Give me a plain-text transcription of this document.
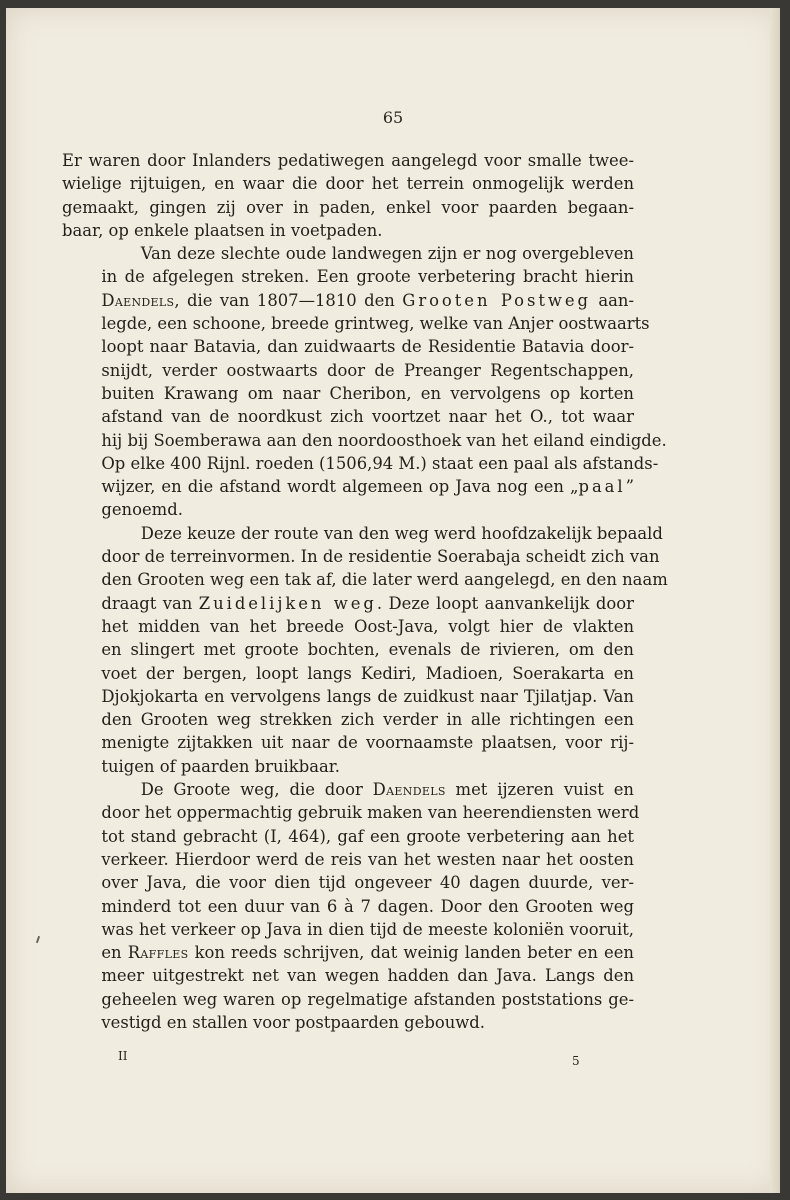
65

Er waren door Inlanders pedatiwegen aangelegd voor smalle twee-
wielige rijtuigen, en waar die door het terrein onmogelijk werden
gemaakt, gingen zij over in paden, enkel voor paarden begaan-
baar, op enkele plaatsen in voetpaden.

Van deze slechte oude landwegen zijn er nog overgebleven
in de afgelegen streken. Een groote verbetering bracht hierin
Daendels, die van 1807—1810 den Grooten Postweg aan-
legde, een schoone, breede grintweg, welke van Anjer oostwaarts
loopt naar Batavia, dan zuidwaarts de Residentie Batavia door-
snijdt, verder oostwaarts door de Preanger Regentschappen,
buiten Krawang om naar Cheribon, en vervolgens op korten
afstand van de noordkust zich voortzet naar het O., tot waar
hij bij Soemberawa aan den noordoosthoek van het eiland eindigde.
Op elke 400 Rijnl. roeden (1506,94 M.) staat een paal als afstands-
wijzer, en die afstand wordt algemeen op Java nog een „paal”
genoemd.

Deze keuze der route van den weg werd hoofdzakelijk bepaald
door de terreinvormen. In de residentie Soerabaja scheidt zich van
den Grooten weg een tak af, die later werd aangelegd, en den naam
draagt van Zuidelijken weg. Deze loopt aanvankelijk door
het midden van het breede Oost-Java, volgt hier de vlakten
en slingert met groote bochten, evenals de rivieren, om den
voet der bergen, loopt langs Kediri, Madioen, Soerakarta en
Djokjokarta en vervolgens langs de zuidkust naar Tjilatjap. Van
den Grooten weg strekken zich verder in alle richtingen een
menigte zijtakken uit naar de voornaamste plaatsen, voor rij-
tuigen of paarden bruikbaar.

De Groote weg, die door Daendels met ijzeren vuist en
door het oppermachtig gebruik maken van heerendiensten werd
tot stand gebracht (I, 464), gaf een groote verbetering aan het
verkeer. Hierdoor werd de reis van het westen naar het oosten
over Java, die voor dien tijd ongeveer 40 dagen duurde, ver-
minderd tot een duur van 6 à 7 dagen. Door den Grooten weg
was het verkeer op Java in dien tijd de meeste koloniën vooruit,
en Raffles kon reeds schrijven, dat weinig landen beter en een
meer uitgestrekt net van wegen hadden dan Java. Langs den
geheelen weg waren op regelmatige afstanden poststations ge-
vestigd en stallen voor postpaarden gebouwd.

II	5
